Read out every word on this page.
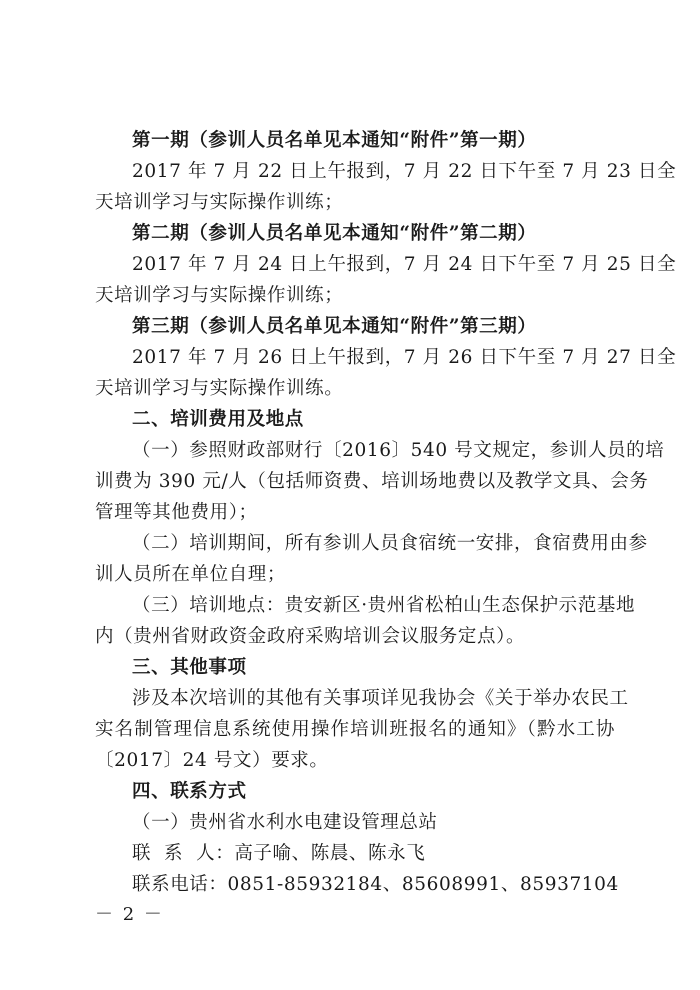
第一期（参训人员名单见本通知“附件”第一期）
2017 年 7 月 22 日上午报到，7 月 22 日下午至 7 月 23 日全
天培训学习与实际操作训练；
第二期（参训人员名单见本通知“附件”第二期）
2017 年 7 月 24 日上午报到，7 月 24 日下午至 7 月 25 日全
天培训学习与实际操作训练；
第三期（参训人员名单见本通知“附件”第三期）
2017 年 7 月 26 日上午报到，7 月 26 日下午至 7 月 27 日全
天培训学习与实际操作训练。
二、培训费用及地点
（一）参照财政部财行〔2016〕540 号文规定，参训人员的培
训费为 390 元/人（包括师资费、培训场地费以及教学文具、会务
管理等其他费用）；
（二）培训期间，所有参训人员食宿统一安排，食宿费用由参
训人员所在单位自理；
（三）培训地点：贵安新区·贵州省松柏山生态保护示范基地
内（贵州省财政资金政府采购培训会议服务定点）。
三、其他事项
涉及本次培训的其他有关事项详见我协会《关于举办农民工
实名制管理信息系统使用操作培训班报名的通知》（黔水工协
〔2017〕24 号文）要求。
四、联系方式
（一）贵州省水利水电建设管理总站
联  系  人：高子喻、陈晨、陈永飞
联系电话：0851-85932184、85608991、85937104
－ 2 －
